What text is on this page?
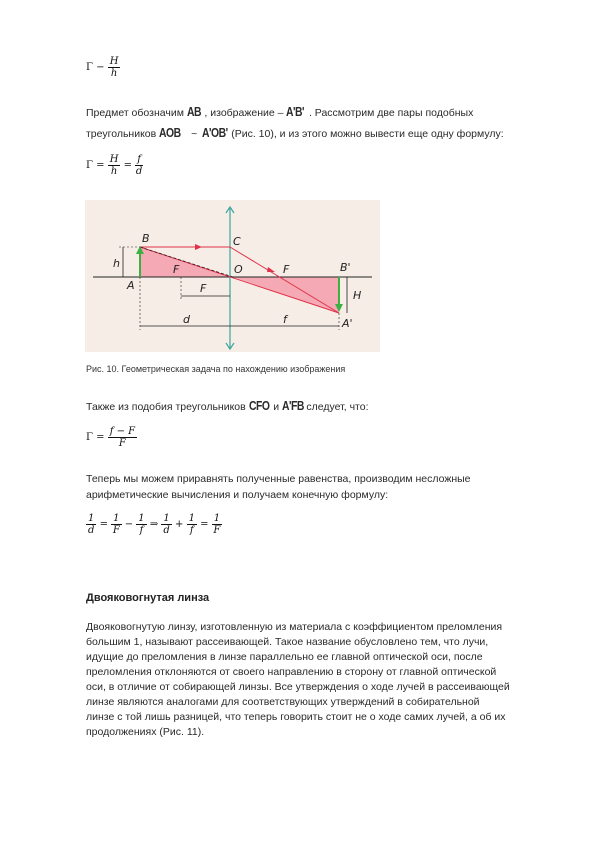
$\Gamma - \frac{H}{h}$
Предмет обозначим AB , изображение – A'B' . Рассмотрим две пары подобных
треугольников AOB ~ A'OB' (Рис. 10), и из этого можно вывести еще одну формулу:
$\Gamma = \frac{H}{h} = \frac{f}{d}$
B	C
h	F	O	F	B'
A	F
H
A'
d	f
Рис. 10. Геометрическая задача по нахождению изображения
Также из подобия треугольников CFO и A'FB следует, что:
$\Gamma = \frac{f - F}{F}$
Теперь мы можем приравнять полученные равенства, производим несложные
арифметические вычисления и получаем конечную формулу:
$\frac{1}{d} = \frac{1}{F} - \frac{1}{f}$ ⇒ $\frac{1}{d} + \frac{1}{f} = \frac{1}{F}$
Двояковогнутая линза

Двояковогнутую линзу, изготовленную из материала с коэффициентом преломления

большим 1, называют рассеивающей. Такое название обусловлено тем, что лучи,

идущие до преломления в линзе параллельно ее главной оптической оси, после

преломления отклоняются от своего направлению в сторону от главной оптической

оси, в отличие от собирающей линзы. Все утверждения о ходе лучей в рассеивающей

линзе являются аналогами для соответствующих утверждений в собирательной

линзе с той лишь разницей, что теперь говорить стоит не о ходе самих лучей, а об их

продолжениях (Рис. 11).
